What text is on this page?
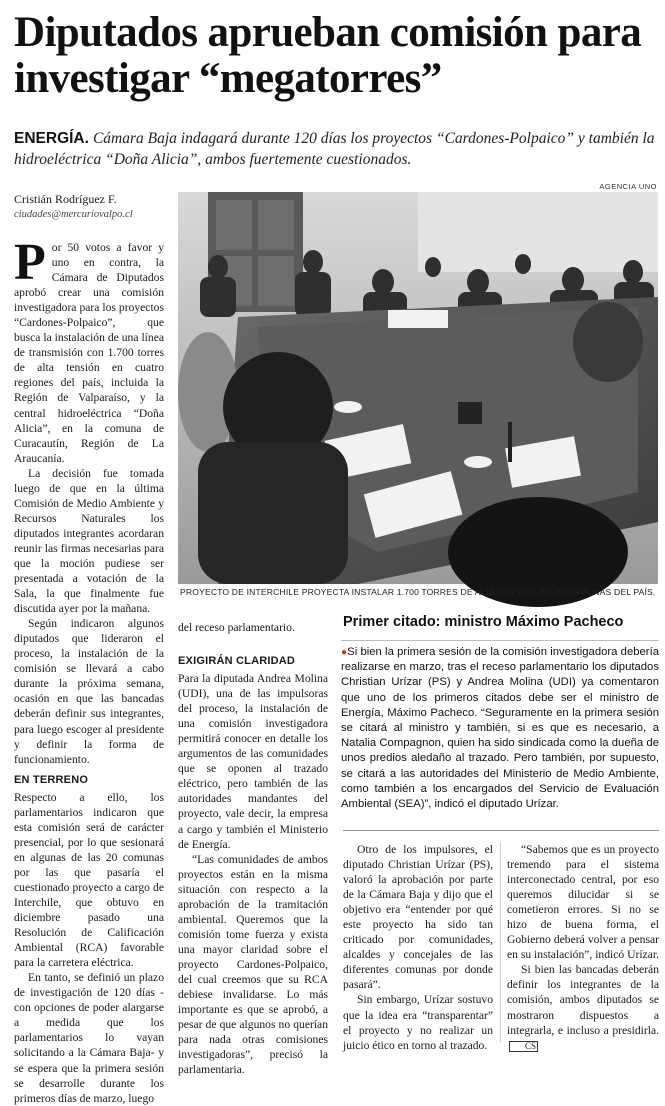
Diputados aprueban comisión para investigar “megatorres”
ENERGÍA. Cámara Baja indagará durante 120 días los proyectos “Cardones-Polpaico” y también la hidroeléctrica “Doña Alicia”, ambos fuertemente cuestionados.
Cristián Rodríguez F.
ciudades@mercuriovalpo.cl
AGENCIA UNO
PROYECTO DE INTERCHILE PROYECTA INSTALAR 1.700 TORRES DE ALTA TENSIÓN EN 20 COMUNAS DEL PAÍS.

Por 50 votos a favor y uno en contra, la Cámara de Diputados aprobó crear una comisión investigadora para los proyectos “Cardones-Polpaico”, que busca la instalación de una línea de transmisión con 1.700 torres de alta tensión en cuatro regiones del país, incluida la Región de Valparaíso, y la central hidroeléctrica “Doña Alicia”, en la comuna de Curacautín, Región de La Araucanía.

La decisión fue tomada luego de que en la última Comisión de Medio Ambiente y Recursos Naturales los diputados integrantes acordaran reunir las firmas necesarias para que la moción pudiese ser presentada a votación de la Sala, la que finalmente fue discutida ayer por la mañana.

Según indicaron algunos diputados que lideraron el proceso, la instalación de la comisión se llevará a cabo durante la próxima semana, ocasión en que las bancadas deberán definir sus integrantes, para luego escoger al presidente y definir la forma de funcionamiento.

EN TERRENO

Respecto a ello, los parlamentarios indicaron que esta comisión será de carácter presencial, por lo que sesionará en algunas de las 20 comunas por las que pasaría el cuestionado proyecto a cargo de Interchile, que obtuvo en diciembre pasado una Resolución de Calificación Ambiental (RCA) favorable para la carretera eléctrica.

En tanto, se definió un plazo de investigación de 120 días -con opciones de poder alargarse a medida que los parlamentarios lo vayan solicitando a la Cámara Baja- y se espera que la primera sesión se desarrolle durante los primeros días de marzo, luego

del receso parlamentario.

EXIGIRÁN CLARIDAD

Para la diputada Andrea Molina (UDI), una de las impulsoras del proceso, la instalación de una comisión investigadora permitirá conocer en detalle los argumentos de las comunidades que se oponen al trazado eléctrico, pero también de las autoridades mandantes del proyecto, vale decir, la empresa a cargo y también el Ministerio de Energía.

“Las comunidades de ambos proyectos están en la misma situación con respecto a la aprobación de la tramitación ambiental. Queremos que la comisión tome fuerza y exista una mayor claridad sobre el proyecto Cardones-Polpaico, del cual creemos que su RCA debiese invalidarse. Lo más importante es que se aprobó, a pesar de que algunos no querían para nada otras comisiones investigadoras”, precisó la parlamentaria.

Primer citado: ministro Máximo Pacheco
●Si bien la primera sesión de la comisión investigadora debería realizarse en marzo, tras el receso parlamentario los diputados Christian Urízar (PS) y Andrea Molina (UDI) ya comentaron que uno de los primeros citados debe ser el ministro de Energía, Máximo Pacheco. “Seguramente en la primera sesión se citará al ministro y también, si es que es necesario, a Natalia Compagnon, quien ha sido sindicada como la dueña de unos predios aledaño al trazado. Pero también, por supuesto, se citará a las autoridades del Ministerio de Medio Ambiente, como también a los encargados del Servicio de Evaluación Ambiental (SEA)”, indicó el diputado Urízar.

Otro de los impulsores, el diputado Christian Urízar (PS), valoró la aprobación por parte de la Cámara Baja y dijo que el objetivo era “entender por qué este proyecto ha sido tan criticado por comunidades, alcaldes y concejales de las diferentes comunas por donde pasará”.

Sin embargo, Urízar sostuvo que la idea era “transparentar” el proyecto y no realizar un juicio ético en torno al trazado.

“Sabemos que es un proyecto tremendo para el sistema interconectado central, por eso queremos dilucidar si se cometieron errores. Si no se hizo de buena forma, el Gobierno deberá volver a pensar en su instalación”, indicó Urízar.

Si bien las bancadas deberán definir los integrantes de la comisión, ambos diputados se mostraron dispuestos a integrarla, e incluso a presidirla.CS
